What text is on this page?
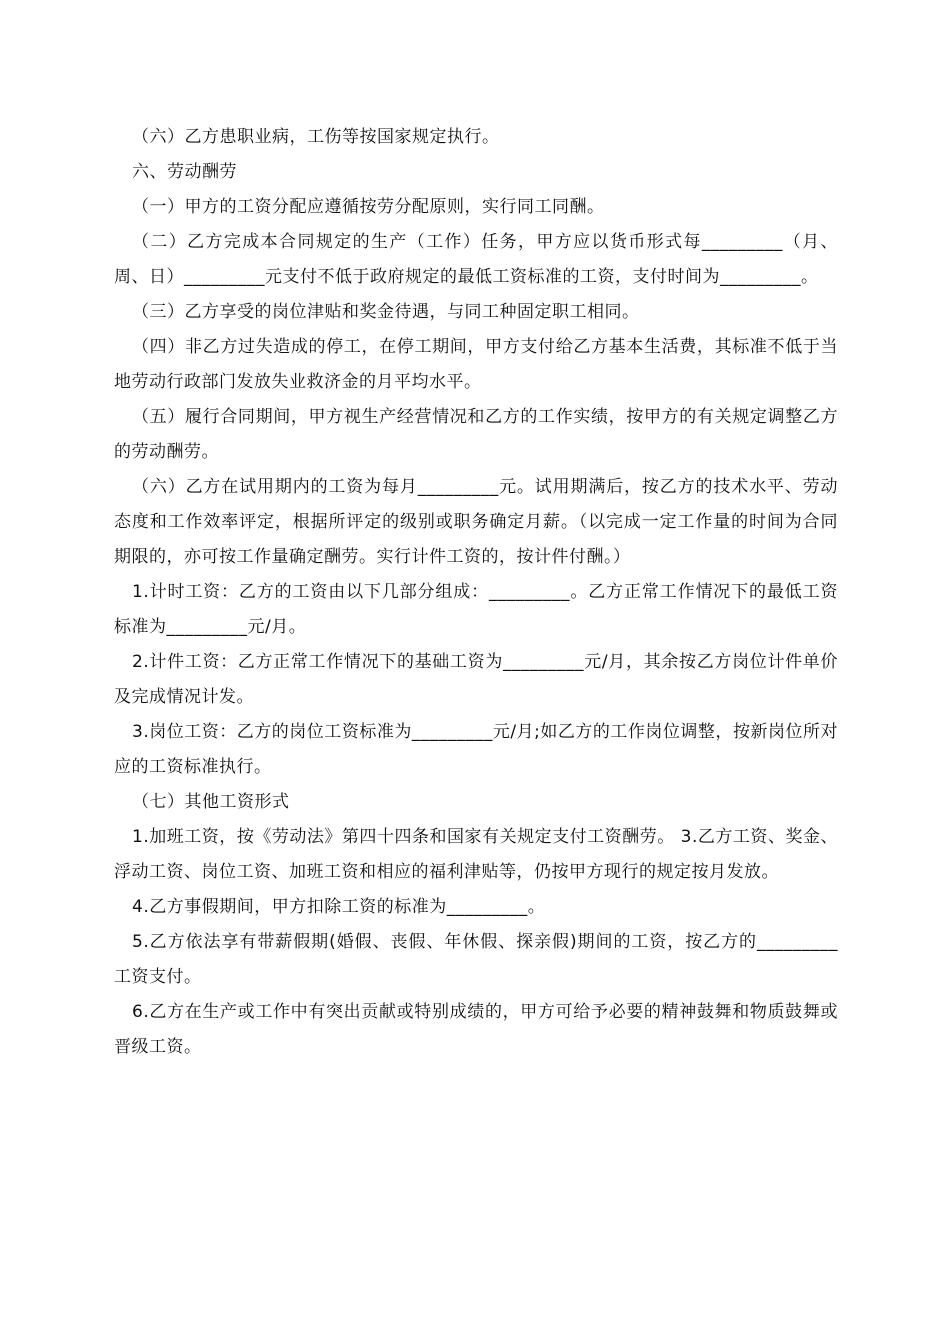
（六）乙方患职业病，工伤等按国家规定执行。

六、劳动酬劳

（一）甲方的工资分配应遵循按劳分配原则，实行同工同酬。

（二）乙方完成本合同规定的生产（工作）任务，甲方应以货币形式每_________（月、周、日）_________元支付不低于政府规定的最低工资标准的工资，支付时间为_________。

（三）乙方享受的岗位津贴和奖金待遇，与同工种固定职工相同。

（四）非乙方过失造成的停工，在停工期间，甲方支付给乙方基本生活费，其标准不低于当地劳动行政部门发放失业救济金的月平均水平。

（五）履行合同期间，甲方视生产经营情况和乙方的工作实绩，按甲方的有关规定调整乙方的劳动酬劳。

（六）乙方在试用期内的工资为每月_________元。试用期满后，按乙方的技术水平、劳动态度和工作效率评定，根据所评定的级别或职务确定月薪。（以完成一定工作量的时间为合同期限的，亦可按工作量确定酬劳。实行计件工资的，按计件付酬。）

1.计时工资：乙方的工资由以下几部分组成：_________。乙方正常工作情况下的最低工资标准为_________元/月。

2.计件工资：乙方正常工作情况下的基础工资为_________元/月，其余按乙方岗位计件单价及完成情况计发。

3.岗位工资：乙方的岗位工资标准为_________元/月;如乙方的工作岗位调整，按新岗位所对应的工资标准执行。

（七）其他工资形式

1.加班工资，按《劳动法》第四十四条和国家有关规定支付工资酬劳。 3.乙方工资、奖金、浮动工资、岗位工资、加班工资和相应的福利津贴等，仍按甲方现行的规定按月发放。

4.乙方事假期间，甲方扣除工资的标准为_________。

5.乙方依法享有带薪假期(婚假、丧假、年休假、探亲假)期间的工资，按乙方的_________工资支付。

6.乙方在生产或工作中有突出贡献或特别成绩的，甲方可给予必要的精神鼓舞和物质鼓舞或晋级工资。
